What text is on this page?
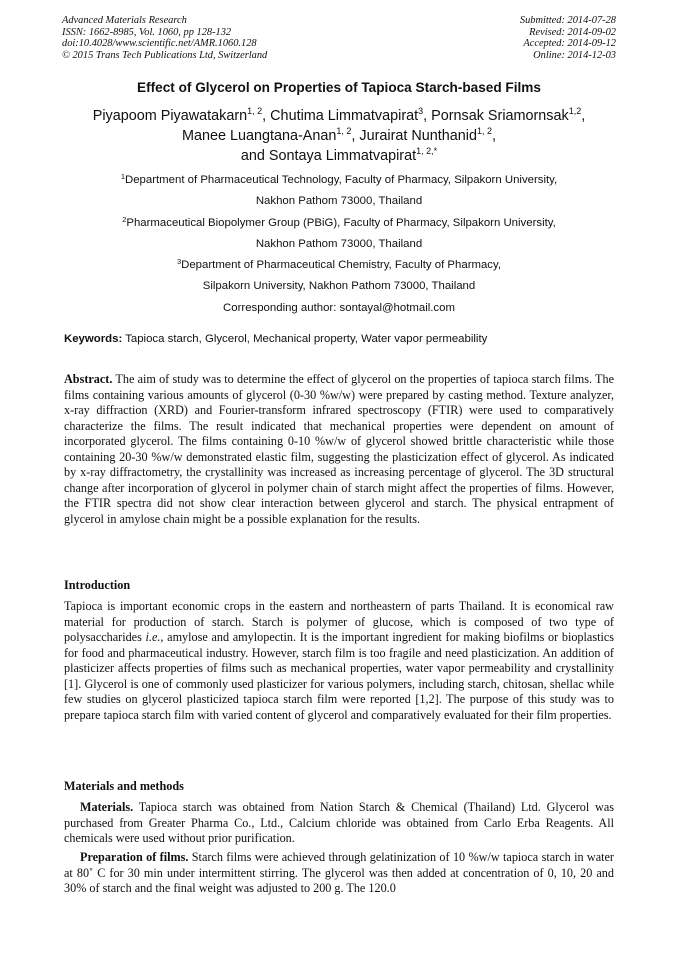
Advanced Materials Research
ISSN: 1662-8985, Vol. 1060, pp 128-132
doi:10.4028/www.scientific.net/AMR.1060.128
© 2015 Trans Tech Publications Ltd, Switzerland
Submitted: 2014-07-28
Revised: 2014-09-02
Accepted: 2014-09-12
Online: 2014-12-03
Effect of Glycerol on Properties of Tapioca Starch-based Films
Piyapoom Piyawatakarn$^{1, 2}$, Chutima Limmatvapirat$^3$, Pornsak Sriamornsak$^{1,2}$,
Manee Luangtana-Anan$^{1, 2}$, Jurairat Nunthanid$^{1, 2}$,
and Sontaya Limmatvapirat$^{1, 2,*}$
$^1$Department of Pharmaceutical Technology, Faculty of Pharmacy, Silpakorn University,
Nakhon Pathom 73000, Thailand
$^2$Pharmaceutical Biopolymer Group (PBiG), Faculty of Pharmacy, Silpakorn University,
Nakhon Pathom 73000, Thailand
$^3$Department of Pharmaceutical Chemistry, Faculty of Pharmacy,
Silpakorn University, Nakhon Pathom 73000, Thailand
Corresponding author: sontayal@hotmail.com
Keywords: Tapioca starch, Glycerol, Mechanical property, Water vapor permeability
Abstract. The aim of study was to determine the effect of glycerol on the properties of tapioca starch films. The films containing various amounts of glycerol (0-30 %w/w) were prepared by casting method. Texture analyzer, x-ray diffraction (XRD) and Fourier-transform infrared spectroscopy (FTIR) were used to comparatively characterize the films. The result indicated that mechanical properties were dependent on amount of incorporated glycerol. The films containing 0-10 %w/w of glycerol showed brittle characteristic while those containing 20-30 %w/w demonstrated elastic film, suggesting the plasticization effect of glycerol. As indicated by x-ray diffractometry, the crystallinity was increased as increasing percentage of glycerol. The 3D structural change after incorporation of glycerol in polymer chain of starch might affect the properties of films. However, the FTIR spectra did not show clear interaction between glycerol and starch. The physical entrapment of glycerol in amylose chain might be a possible explanation for the results.
Introduction
Tapioca is important economic crops in the eastern and northeastern of parts Thailand. It is economical raw material for production of starch. Starch is polymer of glucose, which is composed of two type of polysaccharides i.e., amylose and amylopectin. It is the important ingredient for making biofilms or bioplastics for food and pharmaceutical industry. However, starch film is too fragile and need plasticization. An addition of plasticizer affects properties of films such as mechanical properties, water vapor permeability and crystallinity [1]. Glycerol is one of commonly used plasticizer for various polymers, including starch, chitosan, shellac while few studies on glycerol plasticized tapioca starch film were reported [1,2]. The purpose of this study was to prepare tapioca starch film with varied content of glycerol and comparatively evaluated for their film properties.
Materials and methods
Materials. Tapioca starch was obtained from Nation Starch & Chemical (Thailand) Ltd. Glycerol was purchased from Greater Pharma Co., Ltd., Calcium chloride was obtained from Carlo Erba Reagents. All chemicals were used without prior purification.
Preparation of films. Starch films were achieved through gelatinization of 10 %w/w tapioca starch in water at 80˚ C for 30 min under intermittent stirring. The glycerol was then added at concentration of 0, 10, 20 and 30% of starch and the final weight was adjusted to 200 g. The 120.0
